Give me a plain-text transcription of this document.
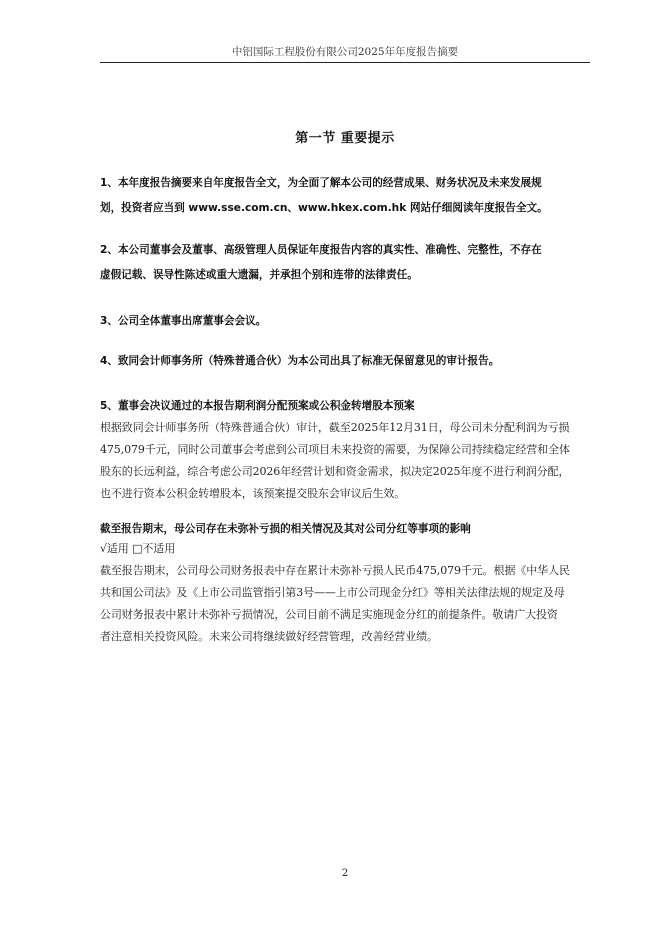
中铝国际工程股份有限公司2025年年度报告摘要
第一节 重要提示
1、本年度报告摘要来自年度报告全文，为全面了解本公司的经营成果、财务状况及未来发展规
划，投资者应当到 www.sse.com.cn、www.hkex.com.hk 网站仔细阅读年度报告全文。
2、本公司董事会及董事、高级管理人员保证年度报告内容的真实性、准确性、完整性，不存在
虚假记载、误导性陈述或重大遗漏，并承担个别和连带的法律责任。
3、公司全体董事出席董事会会议。
4、致同会计师事务所（特殊普通合伙）为本公司出具了标准无保留意见的审计报告。
5、董事会决议通过的本报告期利润分配预案或公积金转增股本预案
根据致同会计师事务所（特殊普通合伙）审计，截至2025年12月31日，母公司未分配利润为亏损
475,079千元，同时公司董事会考虑到公司项目未来投资的需要，为保障公司持续稳定经营和全体
股东的长远利益，综合考虑公司2026年经营计划和资金需求，拟决定2025年度不进行利润分配，
也不进行资本公积金转增股本，该预案提交股东会审议后生效。
截至报告期末，母公司存在未弥补亏损的相关情况及其对公司分红等事项的影响
√适用 □不适用
截至报告期末，公司母公司财务报表中存在累计未弥补亏损人民币475,079千元。根据《中华人民
共和国公司法》及《上市公司监管指引第3号——上市公司现金分红》等相关法律法规的规定及母
公司财务报表中累计未弥补亏损情况，公司目前不满足实施现金分红的前提条件。敬请广大投资
者注意相关投资风险。未来公司将继续做好经营管理，改善经营业绩。
2
